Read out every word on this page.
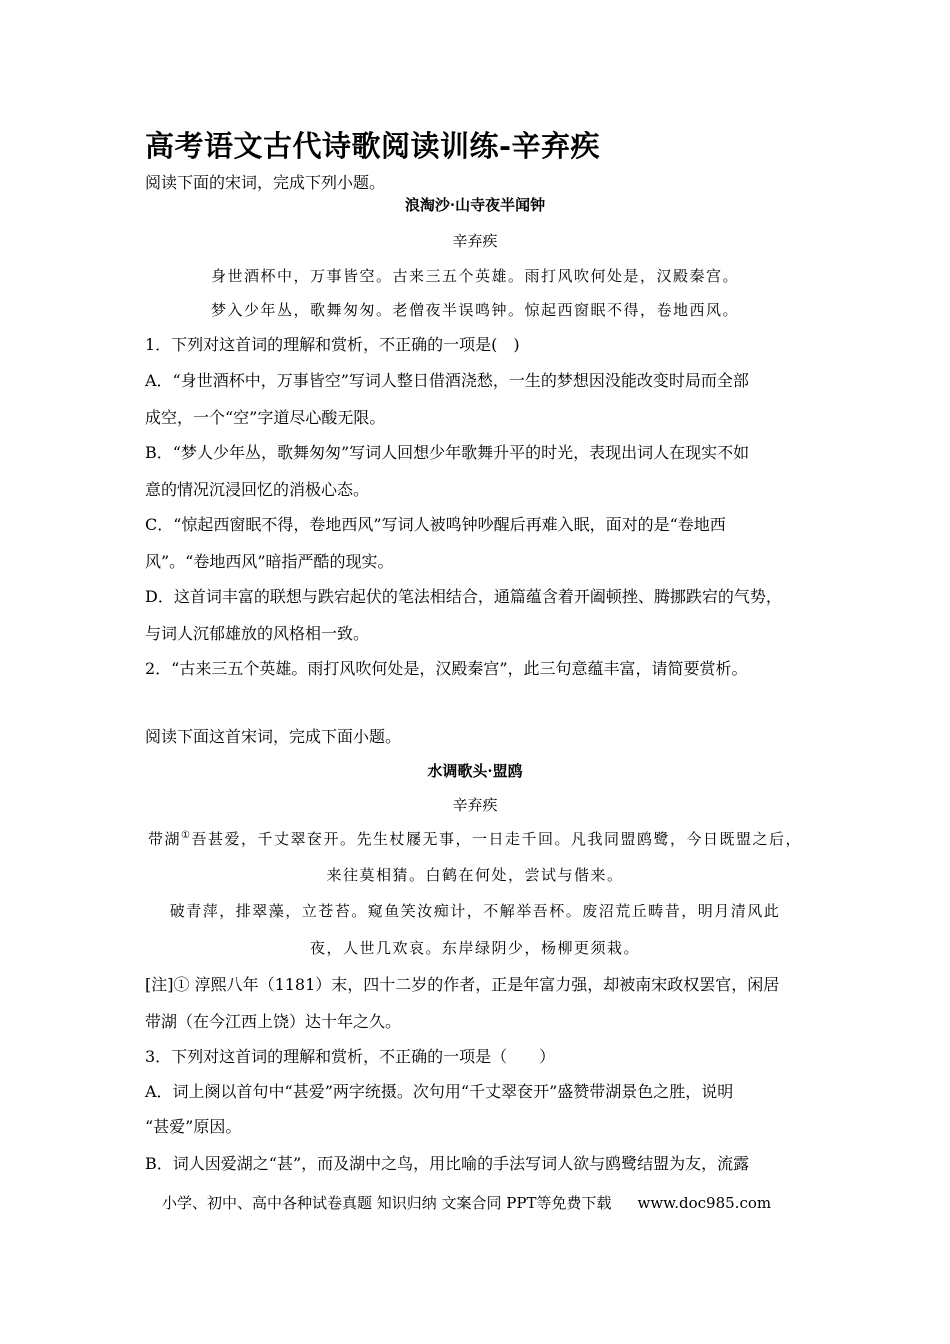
高考语文古代诗歌阅读训练-辛弃疾
阅读下面的宋词，完成下列小题。
浪淘沙·山寺夜半闻钟
辛弃疾
身世酒杯中，万事皆空。古来三五个英雄。雨打风吹何处是，汉殿秦宫。
梦入少年丛，歌舞匆匆。老僧夜半误鸣钟。惊起西窗眠不得，卷地西风。
1．下列对这首词的理解和赏析，不正确的一项是(　)
A．“身世酒杯中，万事皆空”写词人整日借酒浇愁，一生的梦想因没能改变时局而全部
成空，一个“空”字道尽心酸无限。
B．“梦人少年丛，歌舞匆匆”写词人回想少年歌舞升平的时光，表现出词人在现实不如
意的情况沉浸回忆的消极心态。
C．“惊起西窗眠不得，卷地西风”写词人被鸣钟吵醒后再难入眠，面对的是“卷地西
风”。“卷地西风”暗指严酷的现实。
D．这首词丰富的联想与跌宕起伏的笔法相结合，通篇蕴含着开阖顿挫、腾挪跌宕的气势，
与词人沉郁雄放的风格相一致。
2．“古来三五个英雄。雨打风吹何处是，汉殿秦宫”，此三句意蕴丰富，请简要赏析。
阅读下面这首宋词，完成下面小题。
水调歌头·盟鸥
辛弃疾
带湖①吾甚爱，千丈翠奁开。先生杖屦无事，一日走千回。凡我同盟鸥鹭，今日既盟之后，
来往莫相猜。白鹤在何处，尝试与偕来。
破青萍，排翠藻，立苍苔。窥鱼笑汝痴计，不解举吾杯。废沼荒丘畴昔，明月清风此
夜，人世几欢哀。东岸绿阴少，杨柳更须栽。
[注]① 淳熙八年（1181）末，四十二岁的作者，正是年富力强，却被南宋政权罢官，闲居
带湖（在今江西上饶）达十年之久。
3．下列对这首词的理解和赏析，不正确的一项是（　　）
A．词上阕以首句中“甚爱”两字统摄。次句用“千丈翠奁开”盛赞带湖景色之胜，说明
“甚爱”原因。
B．词人因爱湖之“甚”，而及湖中之鸟，用比喻的手法写词人欲与鸥鹭结盟为友，流露
小学、初中、高中各种试卷真题 知识归纳 文案合同 PPT等免费下载 www.doc985.com
